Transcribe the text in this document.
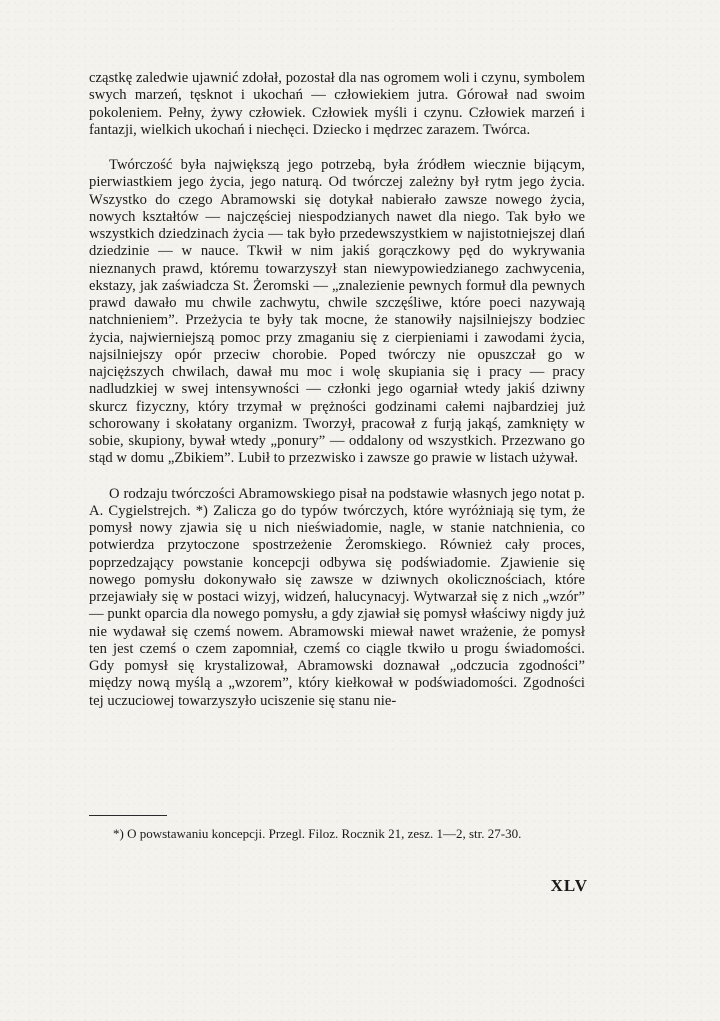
cząstkę zaledwie ujawnić zdołał, pozostał dla nas ogromem woli i czynu, symbolem swych marzeń, tęsknot i ukochań — człowiekiem jutra. Górował nad swoim pokoleniem. Pełny, żywy człowiek. Człowiek myśli i czynu. Człowiek marzeń i fantazji, wielkich ukochań i niechęci. Dziecko i mędrzec zarazem. Twórca.

Twórczość była największą jego potrzebą, była źródłem wiecznie bijącym, pierwiastkiem jego życia, jego naturą. Od twórczej zależny był rytm jego życia. Wszystko do czego Abramowski się dotykał nabierało zawsze nowego życia, nowych kształtów — najczęściej niespodzianych nawet dla niego. Tak było we wszystkich dziedzinach życia — tak było przedewszystkiem w najistotniejszej dlań dziedzinie — w nauce. Tkwił w nim jakiś gorączkowy pęd do wykrywania nieznanych prawd, któremu towarzyszył stan niewypowiedzianego zachwycenia, ekstazy, jak zaświadcza St. Żeromski — „znalezienie pewnych formuł dla pewnych prawd dawało mu chwile zachwytu, chwile szczęśliwe, które poeci nazywają natchnieniem”. Przeżycia te były tak mocne, że stanowiły najsilniejszy bodziec życia, najwierniejszą pomoc przy zmaganiu się z cierpieniami i zawodami życia, najsilniejszy opór przeciw chorobie. Poped twórczy nie opuszczał go w najcięższych chwilach, dawał mu moc i wolę skupiania się i pracy — pracy nadludzkiej w swej intensywności — członki jego ogarniał wtedy jakiś dziwny skurcz fizyczny, który trzymał w prężności godzinami całemi najbardziej już schorowany i skołatany organizm. Tworzył, pracował z furją jakąś, zamknięty w sobie, skupiony, bywał wtedy „ponury” — oddalony od wszystkich. Przezwano go stąd w domu „Zbikiem”. Lubił to przezwisko i zawsze go prawie w listach używał.

O rodzaju twórczości Abramowskiego pisał na podstawie własnych jego notat p. A. Cygielstrejch. *) Zalicza go do typów twórczych, które wyróżniają się tym, że pomysł nowy zjawia się u nich nieświadomie, nagle, w stanie natchnienia, co potwierdza przytoczone spostrzeżenie Żeromskiego. Również cały proces, poprzedzający powstanie koncepcji odbywa się podświadomie. Zjawienie się nowego pomysłu dokonywało się zawsze w dziwnych okolicznościach, które przejawiały się w postaci wizyj, widzeń, halucynacyj. Wytwarzał się z nich „wzór” — punkt oparcia dla nowego pomysłu, a gdy zjawiał się pomysł właściwy nigdy już nie wydawał się czemś nowem. Abramowski miewał nawet wrażenie, że pomysł ten jest czemś o czem zapomniał, czemś co ciągle tkwiło u progu świadomości. Gdy pomysł się krystalizował, Abramowski doznawał „odczucia zgodności” między nową myślą a „wzorem”, który kiełkował w podświadomości. Zgodności tej uczuciowej towarzyszyło uciszenie się stanu nie-

*) O powstawaniu koncepcji. Przegl. Filoz. Rocznik 21, zesz. 1—2, str. 27-30.
XLV
